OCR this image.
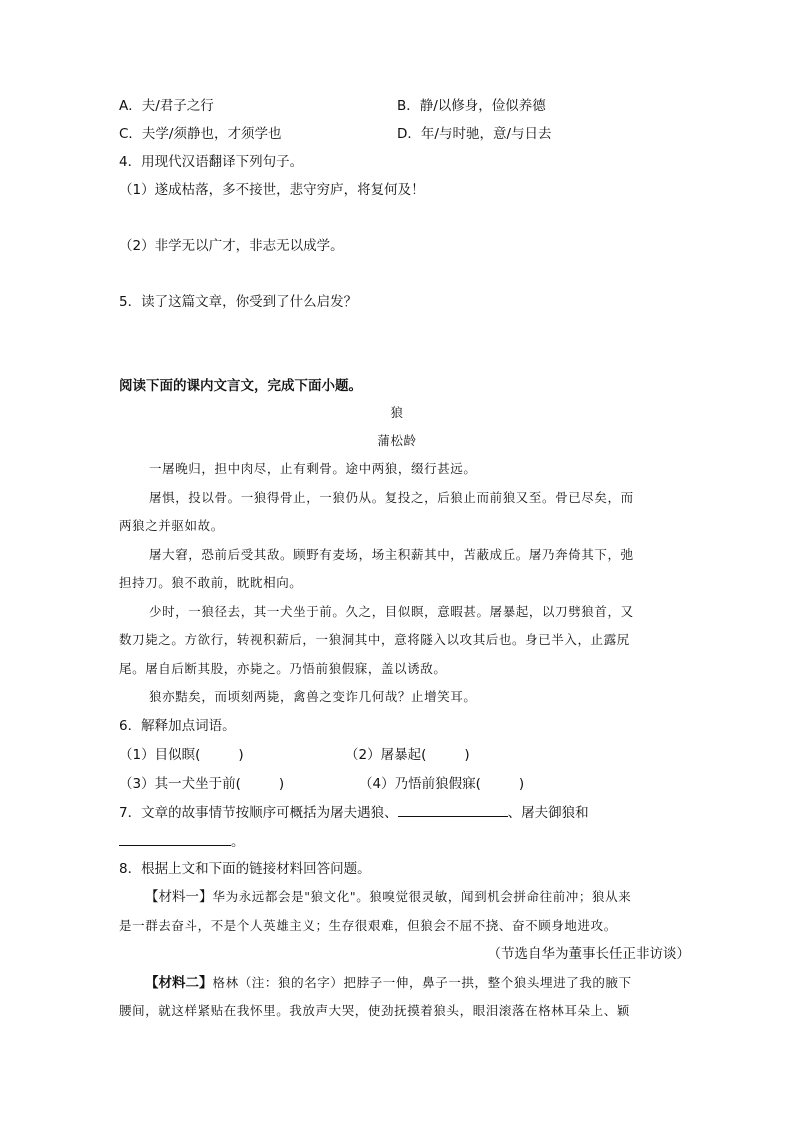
A．夫/君子之行	B．静/以修身，俭似养德
C．夫学/须静也，才须学也	D．年/与时驰，意/与日去
4．用现代汉语翻译下列句子。
（1）遂成枯落，多不接世，悲守穷庐，将复何及！
（2）非学无以广才，非志无以成学。
5．读了这篇文章，你受到了什么启发？
阅读下面的课内文言文，完成下面小题。
狼
蒲松龄
一屠晚归，担中肉尽，止有剩骨。途中两狼，缀行甚远。
屠惧，投以骨。一狼得骨止，一狼仍从。复投之，后狼止而前狼又至。骨已尽矣，而
两狼之并驱如故。
屠大窘，恐前后受其敌。顾野有麦场，场主积薪其中，苫蔽成丘。屠乃奔倚其下，弛
担持刀。狼不敢前，眈眈相向。
少时，一狼径去，其一犬坐于前。久之，目似瞑，意暇甚。屠暴起，以刀劈狼首，又
数刀毙之。方欲行，转视积薪后，一狼洞其中，意将隧入以攻其后也。身已半入，止露尻
尾。屠自后断其股，亦毙之。乃悟前狼假寐，盖以诱敌。
狼亦黠矣，而顷刻两毙，禽兽之变诈几何哉？止增笑耳。
6．解释加点词语。
（1）目似瞑(	)	（2）屠暴起(	)
（3）其一犬坐于前(	)	（4）乃悟前狼假寐(	)
7．文章的故事情节按顺序可概括为屠夫遇狼、	、屠夫御狼和
。
8．根据上文和下面的链接材料回答问题。
【材料一】华为永远都会是"狼文化"。狼嗅觉很灵敏，闻到机会拼命往前冲；狼从来
是一群去奋斗，不是个人英雄主义；生存很艰难，但狼会不屈不挠、奋不顾身地进攻。
（节选自华为董事长任正非访谈）
【材料二】格林（注：狼的名字）把脖子一伸，鼻子一拱，整个狼头埋进了我的腋下
腰间，就这样紧贴在我怀里。我放声大哭，使劲抚摸着狼头，眼泪滚落在格林耳朵上、颖
